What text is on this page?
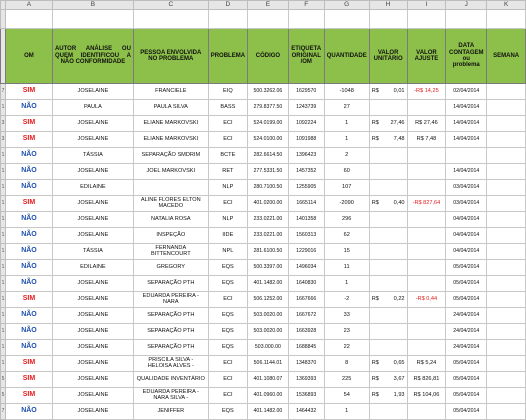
	A	B	C	D	E	F	G	H	I	J	K

	OM	AUTOR ANÁLISE OU QUEM IDENTIFICOU A NÃO CONFORMIDADE	PESSOA ENVOLVIDA NO PROBLEMA	PROBLEMA	CÓDIGO	ETIQUETA ORIGINAL /OM	QUANTIDADE	VALOR UNITÁRIO	VALOR AJUSTE	DATA CONTAGEM ou problema	SEMANA
7	SIM	JOSELAINE	FRANCIELE	EIQ	500.3262.06	1629570	-1048	R$ 0,01	-R$ 14,25	02/04/2014	
1	NÃO	PAULA	PAULA SILVA	BASS	279.8377.50	1243739	27			14/04/2014	
3	SIM	JOSELAINE	ELIANE MARKOVSKI	ECI	524.0199.00	1092224	1	R$ 27,46	R$ 27,46	14/04/2014	
3	SIM	JOSELAINE	ELIANE MARKOVSKI	ECI	524.0100.00	1091988	1	R$ 7,48	R$ 7,48	14/04/2014	
1	NÃO	TÁSSIA	SEPARAÇÃO SMDRIM	BCTE	282.6614.50	1396423	2	

1	NÃO	JOSELAINE	JOEL MARKOVSKI	RET	277.5331.50	1457352	60			14/04/2014	
1	NÃO	EDILAINE		NLP	280.7100.50	1255905	107			03/04/2014	
1	SIM	JOSELAINE	ALINE FLORES ELTON MACEDO	ECI	401.0200.00	1665114	-2090	R$ 0,40	-R$ 827,64	03/04/2014	
1	NÃO	JOSELAINE	NATALIA ROSA	NLP	233.0221.00	1401358	296			04/04/2014	
1	NÃO	JOSELAINE	INSPEÇÃO	IIDE	233.0221.00	1560313	62			04/04/2014	
1	NÃO	TÁSSIA	FERNANDA BITTENCOURT	NPL	281.6100.50	1229016	15			04/04/2014	
1	NÃO	EDILAINE	GREGORY	EQS	500.3397.00	1496034	11			05/04/2014	
1	NÃO	JOSELAINE	SEPARAÇÃO PTH	EQS	401.1482.00	1640830	1			05/04/2014	
1	SIM	JOSELAINE	EDUARDA PEREIRA - NARA	ECI	506.1252.00	1667666	-2	R$ 0,22	-R$ 0,44	05/04/2014	
1	NÃO	JOSELAINE	SEPARAÇÃO PTH	EQS	503.0020.00	1667672	33			24/04/2014	
1	NÃO	JOSELAINE	SEPARAÇÃO PTH	EQS	503.0020.00	1663928	23			24/04/2014	
1	NÃO	JOSELAINE	SEPARAÇÃO PTH	EQS	503.000.00	1688845	22			24/04/2014	
1	SIM	JOSELAINE	PRISCILA SILVA - HELOISA ALVES -	ECI	506.1144.01	1348370	8	R$ 0,65	R$ 5,24	05/04/2014	
5	SIM	JOSELAINE	QUALIDADE INVENTÁRIO	ECI	401.1080.07	1369393	225	R$ 3,67	R$ 826,81	05/04/2014	
5	SIM	JOSELAINE	EDUARDA PEREIRA - NARA SILVA -	ECI	401.0960.00	1536893	54	R$ 1,93	R$ 104,06	05/04/2014	
7	NÃO	JOSELAINE	JENIFFER	EQS	401.1482.00	1464432	1			05/04/2014	
